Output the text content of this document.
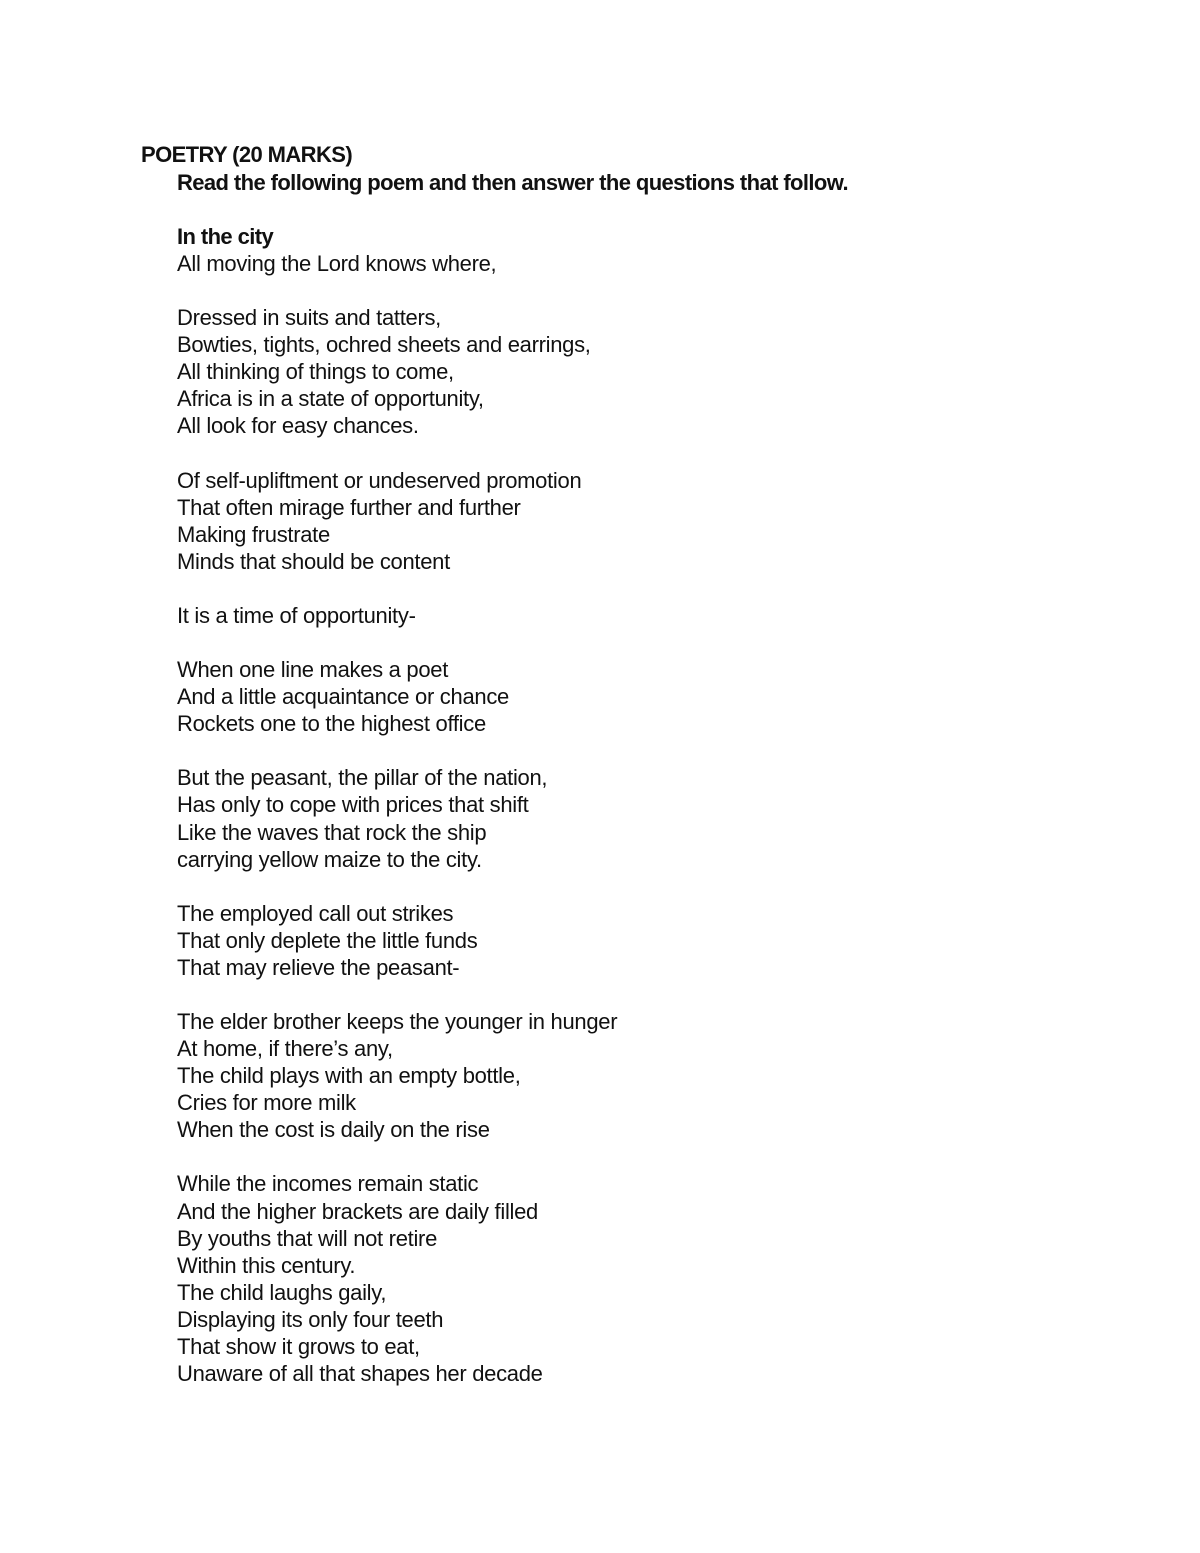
POETRY (20 MARKS)

Read the following poem and then answer the questions that follow.

In the city
All moving the Lord knows where,
Dressed in suits and tatters,
Bowties, tights, ochred sheets and earrings,
All thinking of things to come,
Africa is in a state of opportunity,
All look for easy chances.
Of self-upliftment or undeserved promotion
That often mirage further and further
Making frustrate
Minds that should be content
It is a time of opportunity-
When one line makes a poet
And a little acquaintance or chance
Rockets one to the highest office
But the peasant, the pillar of the nation,
Has only to cope with prices that shift
Like the waves that rock the ship
carrying yellow maize to the city.
The employed call out strikes
That only deplete the little funds
That may relieve the peasant-
The elder brother keeps the younger in hunger
At home, if there’s any,
The child plays with an empty bottle,
Cries for more milk
When the cost is daily on the rise
While the incomes remain static
And the higher brackets are daily filled
By youths that will not retire
Within this century.
The child laughs gaily,
Displaying its only four teeth
That show it grows to eat,
Unaware of all that shapes her decade
